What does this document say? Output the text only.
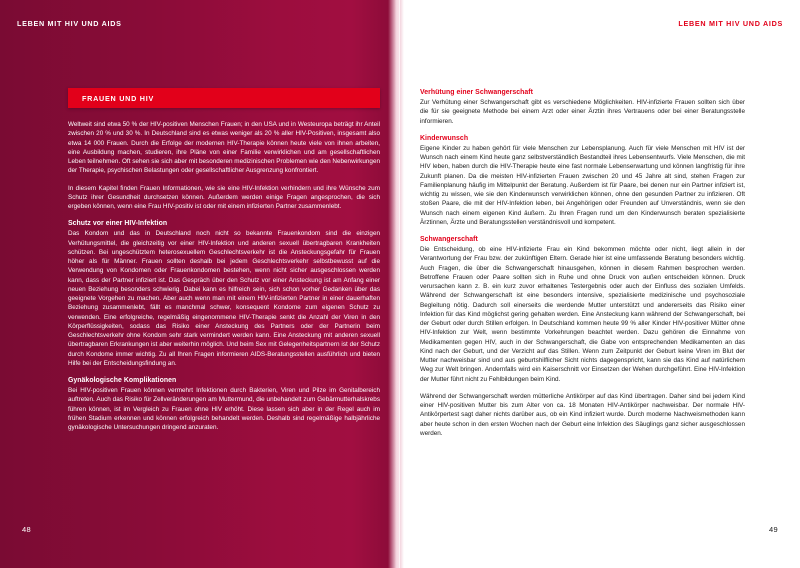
LEBEN MIT HIV UND AIDS
FRAUEN UND HIV

Weltweit sind etwa 50 % der HIV-positiven Menschen Frauen; in den USA und in Westeuropa beträgt ihr Anteil zwischen 20 % und 30 %. In Deutschland sind es etwas weniger als 20 % aller HIV-Positiven, insgesamt also etwa 14 000 Frauen. Durch die Erfolge der modernen HIV-Therapie können heute viele von ihnen arbeiten, eine Ausbildung machen, studieren, ihre Pläne von einer Familie verwirklichen und am gesellschaftlichen Leben teilnehmen. Oft sehen sie sich aber mit besonderen medizinischen Problemen wie den Nebenwirkungen der Therapie, psychischen Belastungen oder gesellschaftlicher Ausgrenzung konfrontiert.

In diesem Kapitel finden Frauen Informationen, wie sie eine HIV-Infektion verhindern und ihre Wünsche zum Schutz ihrer Gesundheit durchsetzen können. Außerdem werden einige Fragen angesprochen, die sich ergeben können, wenn eine Frau HIV-positiv ist oder mit einem infizierten Partner zusammenlebt.

Schutz vor einer HIV-Infektion

Das Kondom und das in Deutschland noch nicht so bekannte Frauenkondom sind die einzigen Verhütungsmittel, die gleichzeitig vor einer HIV-Infektion und anderen sexuell übertragbaren Krankheiten schützen. Bei ungeschütztem heterosexuellem Geschlechtsverkehr ist die Ansteckungsgefahr für Frauen höher als für Männer. Frauen sollten deshalb bei jedem Geschlechtsverkehr selbstbewusst auf die Verwendung von Kondomen oder Frauenkondomen bestehen, wenn nicht sicher ausgeschlossen werden kann, dass der Partner infiziert ist. Das Gespräch über den Schutz vor einer Ansteckung ist am Anfang einer neuen Beziehung besonders schwierig. Dabei kann es hilfreich sein, sich schon vorher Gedanken über das geeignete Vorgehen zu machen. Aber auch wenn man mit einem HIV-infizierten Partner in einer dauerhaften Beziehung zusammenlebt, fällt es manchmal schwer, konsequent Kondome zum eigenen Schutz zu verwenden. Eine erfolgreiche, regelmäßig eingenommene HIV-Therapie senkt die Anzahl der Viren in den Körperflüssigkeiten, sodass das Risiko einer Ansteckung des Partners oder der Partnerin beim Geschlechtsverkehr ohne Kondom sehr stark vermindert werden kann. Eine Ansteckung mit anderen sexuell übertragbaren Erkrankungen ist aber weiterhin möglich. Und beim Sex mit Gelegenheitspartnern ist der Schutz durch Kondome immer wichtig. Zu all Ihren Fragen informieren AIDS-Beratungsstellen ausführlich und bieten Hilfe bei der Entscheidungsfindung an.

Gynäkologische Komplikationen

Bei HIV-positiven Frauen können vermehrt Infektionen durch Bakterien, Viren und Pilze im Genitalbereich auftreten. Auch das Risiko für Zellveränderungen am Muttermund, die unbehandelt zum Gebärmutterhalskrebs führen können, ist im Vergleich zu Frauen ohne HIV erhöht. Diese lassen sich aber in der Regel auch im frühen Stadium erkennen und können erfolgreich behandelt werden. Deshalb sind regelmäßige halbjährliche gynäkologische Untersuchungen dringend anzuraten.

48
LEBEN MIT HIV UND AIDS
Verhütung einer Schwangerschaft

Zur Verhütung einer Schwangerschaft gibt es verschiedene Möglichkeiten. HIV-infizierte Frauen sollten sich über die für sie geeignete Methode bei einem Arzt oder einer Ärztin ihres Vertrauens oder bei einer Beratungsstelle informieren.

Kinderwunsch

Eigene Kinder zu haben gehört für viele Menschen zur Lebensplanung. Auch für viele Menschen mit HIV ist der Wunsch nach einem Kind heute ganz selbstverständlich Bestandteil ihres Lebensentwurfs. Viele Menschen, die mit HIV leben, haben durch die HIV-Therapie heute eine fast normale Lebenserwartung und können langfristig für ihre Zukunft planen. Da die meisten HIV-infizierten Frauen zwischen 20 und 45 Jahre alt sind, stehen Fragen zur Familienplanung häufig im Mittelpunkt der Beratung. Außerdem ist für Paare, bei denen nur ein Partner infiziert ist, wichtig zu wissen, wie sie den Kinderwunsch verwirklichen können, ohne den gesunden Partner zu infizieren. Oft stoßen Paare, die mit der HIV-Infektion leben, bei Angehörigen oder Freunden auf Unverständnis, wenn sie den Wunsch nach einem eigenen Kind äußern. Zu Ihren Fragen rund um den Kinderwunsch beraten spezialisierte Ärztinnen, Ärzte und Beratungsstellen verständnisvoll und kompetent.

Schwangerschaft

Die Entscheidung, ob eine HIV-infizierte Frau ein Kind bekommen möchte oder nicht, liegt allein in der Verantwortung der Frau bzw. der zukünftigen Eltern. Gerade hier ist eine umfassende Beratung besonders wichtig. Auch Fragen, die über die Schwangerschaft hinausgehen, können in diesem Rahmen besprochen werden. Betroffene Frauen oder Paare sollten sich in Ruhe und ohne Druck von außen entscheiden können. Druck verursachen kann z. B. ein kurz zuvor erhaltenes Testergebnis oder auch der Einfluss des sozialen Umfelds. Während der Schwangerschaft ist eine besonders intensive, spezialisierte medizinische und psychosoziale Begleitung nötig. Dadurch soll einerseits die werdende Mutter unterstützt und andererseits das Risiko einer Infektion für das Kind möglichst gering gehalten werden. Eine Ansteckung kann während der Schwangerschaft, bei der Geburt oder durch Stillen erfolgen. In Deutschland kommen heute 99 % aller Kinder HIV-positiver Mütter ohne HIV-Infektion zur Welt, wenn bestimmte Vorkehrungen beachtet werden. Dazu gehören die Einnahme von Medikamenten gegen HIV, auch in der Schwangerschaft, die Gabe von entsprechenden Medikamenten an das Kind nach der Geburt, und der Verzicht auf das Stillen. Wenn zum Zeitpunkt der Geburt keine Viren im Blut der Mutter nachweisbar sind und aus geburtshilflicher Sicht nichts dagegenspricht, kann sie das Kind auf natürlichem Weg zur Welt bringen. Andernfalls wird ein Kaiserschnitt vor Einsetzen der Wehen durchgeführt. Eine HIV-Infektion der Mutter führt nicht zu Fehlbildungen beim Kind.

Während der Schwangerschaft werden mütterliche Antikörper auf das Kind übertragen. Daher sind bei jedem Kind einer HIV-positiven Mutter bis zum Alter von ca. 18 Monaten HIV-Antikörper nachweisbar. Der normale HIV-Antikörpertest sagt daher nichts darüber aus, ob ein Kind infiziert wurde. Durch moderne Nachweismethoden kann aber heute schon in den ersten Wochen nach der Geburt eine Infektion des Säuglings ganz sicher ausgeschlossen werden.

49
